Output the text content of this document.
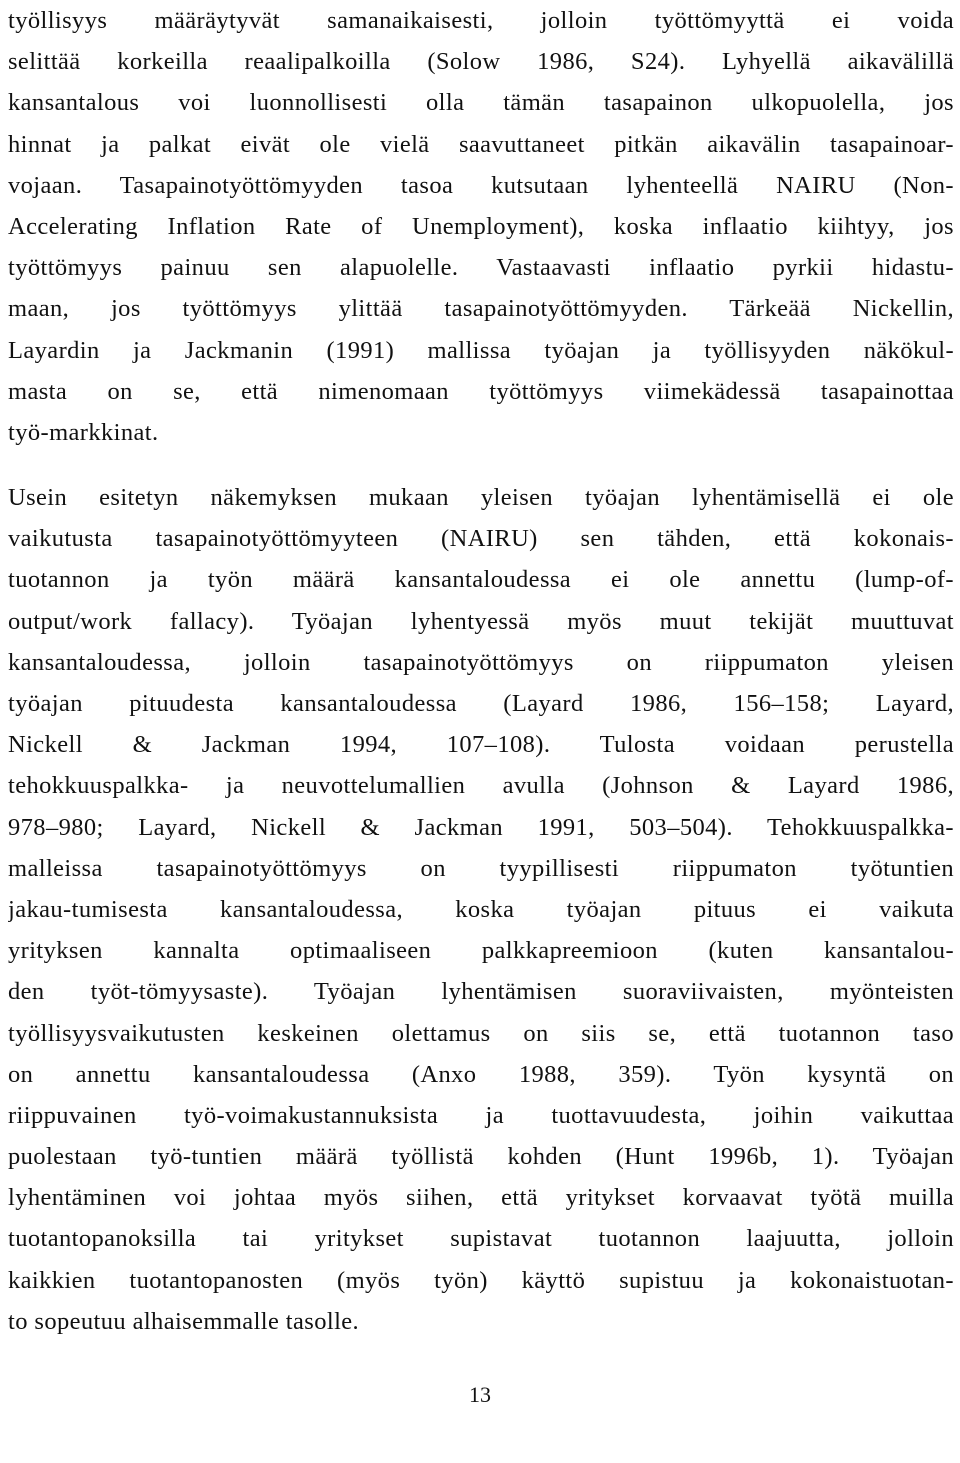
työllisyys määräytyvät samanaikaisesti, jolloin työttömyyttä ei voida
selittää korkeilla reaalipalkoilla (Solow 1986, S24). Lyhyellä aikavälillä
kansantalous voi luonnollisesti olla tämän tasapainon ulkopuolella, jos
hinnat ja palkat eivät ole vielä saavuttaneet pitkän aikavälin tasapainoar-
vojaan. Tasapainotyöttömyyden tasoa kutsutaan lyhenteellä NAIRU (Non-
Accelerating Inflation Rate of Unemployment), koska inflaatio kiihtyy, jos
työttömyys painuu sen alapuolelle. Vastaavasti inflaatio pyrkii hidastu-
maan, jos työttömyys ylittää tasapainotyöttömyyden. Tärkeää Nickellin,
Layardin ja Jackmanin (1991) mallissa työajan ja työllisyyden näkökul-
masta on se, että nimenomaan työttömyys viimekädessä tasapainottaa
työ-markkinat.
Usein esitetyn näkemyksen mukaan yleisen työajan lyhentämisellä ei ole
vaikutusta tasapainotyöttömyyteen (NAIRU) sen tähden, että kokonais-
tuotannon ja työn määrä kansantaloudessa ei ole annettu (lump-of-
output/work fallacy). Työajan lyhentyessä myös muut tekijät muuttuvat
kansantaloudessa, jolloin tasapainotyöttömyys on riippumaton yleisen
työajan pituudesta kansantaloudessa (Layard 1986, 156–158; Layard,
Nickell & Jackman 1994, 107–108). Tulosta voidaan perustella
tehokkuuspalkka- ja neuvottelumallien avulla (Johnson & Layard 1986,
978–980; Layard, Nickell & Jackman 1991, 503–504). Tehokkuuspalkka-
malleissa tasapainotyöttömyys on tyypillisesti riippumaton työtuntien
jakau-tumisesta kansantaloudessa, koska työajan pituus ei vaikuta
yrityksen kannalta optimaaliseen palkkapreemioon (kuten kansantalou-
den työt-tömyysaste). Työajan lyhentämisen suoraviivaisten, myönteisten
työllisyysvaikutusten keskeinen olettamus on siis se, että tuotannon taso
on annettu kansantaloudessa (Anxo 1988, 359). Työn kysyntä on
riippuvainen työ-voimakustannuksista ja tuottavuudesta, joihin vaikuttaa
puolestaan työ-tuntien määrä työllistä kohden (Hunt 1996b, 1). Työajan
lyhentäminen voi johtaa myös siihen, että yritykset korvaavat työtä muilla
tuotantopanoksilla tai yritykset supistavat tuotannon laajuutta, jolloin
kaikkien tuotantopanosten (myös työn) käyttö supistuu ja kokonaistuotan-
to sopeutuu alhaisemmalle tasolle.
13
